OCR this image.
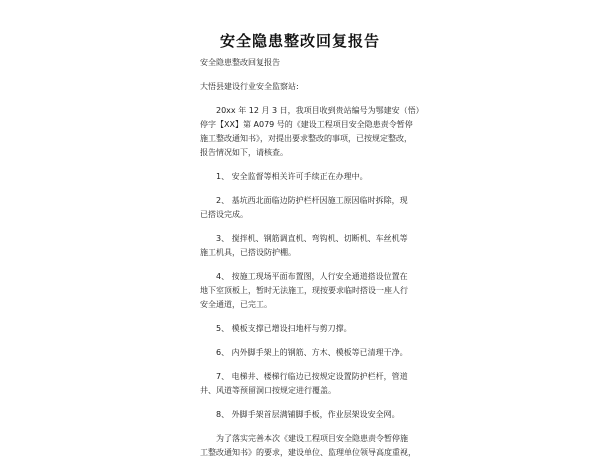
安全隐患整改回复报告
安全隐患整改回复报告
大悟县建设行业安全监察站:
　　20xx 年 12 月 3 日，我项目收到贵站编号为鄂建安（悟）
停字【XX】第 A079 号的《建设工程项目安全隐患责令暂停
施工整改通知书》，对提出要求整改的事项，已按规定整改，
报告情况如下，请核查。
　　1、 安全监督等相关许可手续正在办理中。
　　2、 基坑西北面临边防护栏杆因施工原因临时拆除，现
已搭设完成。
　　3、 搅拌机、钢筋调直机、弯钩机、切断机、车丝机等
施工机具，已搭设防护棚。
　　4、 按施工现场平面布置图，人行安全通道搭设位置在
地下室顶板上，暂时无法施工，现按要求临时搭设一座人行
安全通道，已完工。
　　5、 模板支撑已增设扫地杆与剪刀撑。
　　6、 内外脚手架上的钢筋、方木、模板等已清理干净。
　　7、 电梯井、楼梯行临边已按规定设置防护栏杆，管道
井、风道等预留洞口按规定进行覆盖。
　　8、 外脚手架首层满铺脚手板，作业层架设安全网。
　　为了落实完善本次《建设工程项目安全隐患责令暂停施
工整改通知书》的要求，建设单位、监理单位领导高度重视，
